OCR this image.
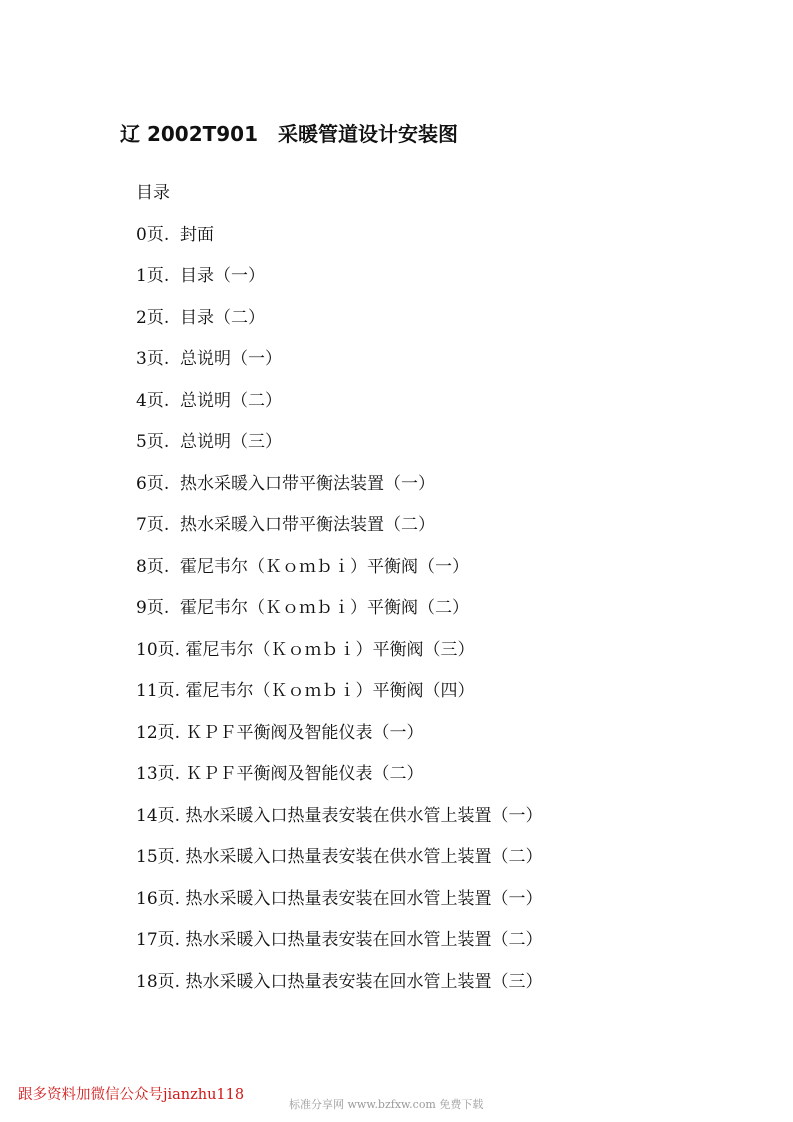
辽 2002T901　采暖管道设计安装图
目录
0页.  封面
1页.  目录（一）
2页.  目录（二）
3页.  总说明（一）
4页.  总说明（二）
5页.  总说明（三）
6页.  热水采暖入口带平衡法装置（一）
7页.  热水采暖入口带平衡法装置（二）
8页.  霍尼韦尔（Ｋｏｍｂｉ）平衡阀（一）
9页.  霍尼韦尔（Ｋｏｍｂｉ）平衡阀（二）
10页. 霍尼韦尔（Ｋｏｍｂｉ）平衡阀（三）
11页. 霍尼韦尔（Ｋｏｍｂｉ）平衡阀（四）
12页. ＫＰＦ平衡阀及智能仪表（一）
13页. ＫＰＦ平衡阀及智能仪表（二）
14页. 热水采暖入口热量表安装在供水管上装置（一）
15页. 热水采暖入口热量表安装在供水管上装置（二）
16页. 热水采暖入口热量表安装在回水管上装置（一）
17页. 热水采暖入口热量表安装在回水管上装置（二）
18页. 热水采暖入口热量表安装在回水管上装置（三）
跟多资料加微信公众号jianzhu118
标准分享网 www.bzfxw.com 免费下载
